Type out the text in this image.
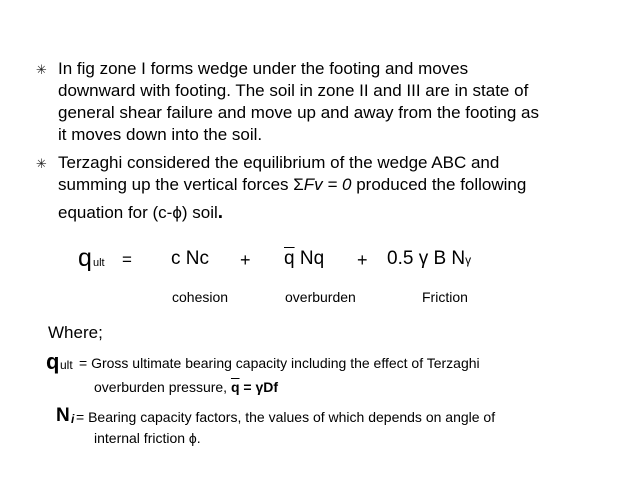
✳ In fig zone I forms wedge under the footing and moves
downward with footing. The soil in zone II and III are in state of
general shear failure and move up and away from the footing as
it moves down into the soil.
✳ Terzaghi considered the equilibrium of the wedge ABC and
summing up the vertical forces ΣFv = 0 produced the following
equation for (c-ϕ) soil.
q ult = c $Nc + \overline{q}$ Nq + 0.5 γ B Nγ
cohesion	overburden	Friction
Where;
q ult = Gross ultimate bearing capacity including the effect of Terzaghi
overburden pressure, $\overline{q} = \gamma Df$
N i = Bearing capacity factors, the values of which depends on angle of
internal friction ϕ.
